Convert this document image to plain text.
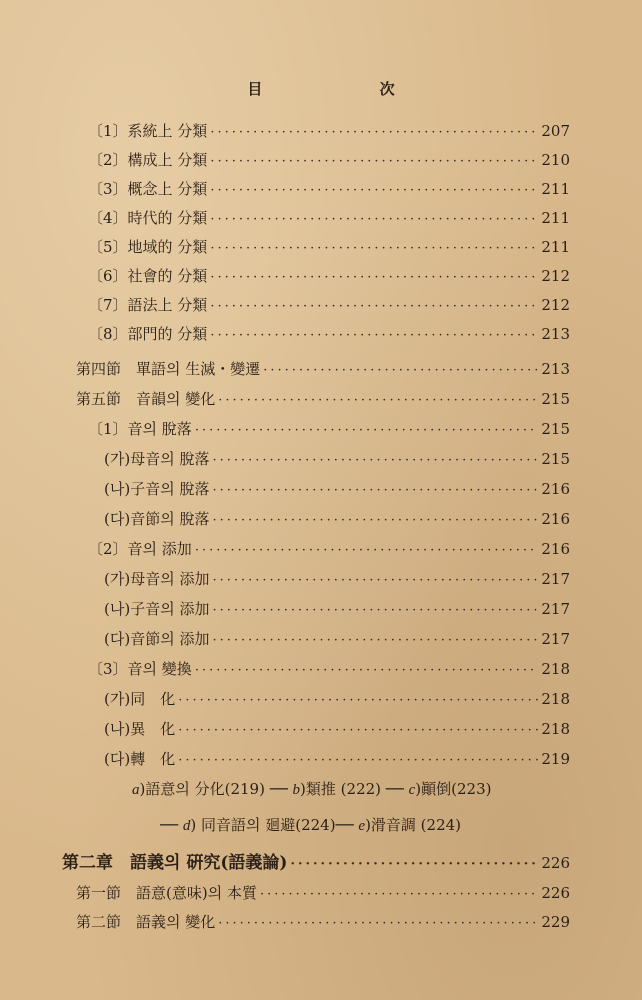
目 次
〔1〕系統上 分類 ·····	207
〔2〕構成上 分類 ·····	210
〔3〕概念上 分類 ·····	211
〔4〕時代的 分類 ·····	211
〔5〕地域的 分類 ·····	211
〔6〕社會的 分類 ·····	212
〔7〕語法上 分類 ·····	212
〔8〕部門的 分類 ·····	213
第四節　單語의 生滅・變遷 ·····	213
第五節　音韻의 變化 ·····	215
〔1〕音의 脫落 ·····	215
(가)母音의 脫落 ·····	215
(나)子音의 脫落 ·····	216
(다)音節의 脫落 ·····	216
〔2〕音의 添加 ·····	216
(가)母音의 添加 ·····	217
(나)子音의 添加 ·····	217
(다)音節의 添加 ·····	217
〔3〕音의 變換 ·····	218
(가)同　化 ·····	218
(나)異　化 ·····	218
(다)轉　化 ·····	219
a)語意의 分化(219) ── b)類推 (222) ── c)顚倒(223)
── d) 同音語의 廻避(224)── e)滑音調 (224)
第二章　語義의 硏究(語義論) ·····	226
第一節　語意(意味)의 本質 ·····	226
第二節　語義의 變化 ·····	229
